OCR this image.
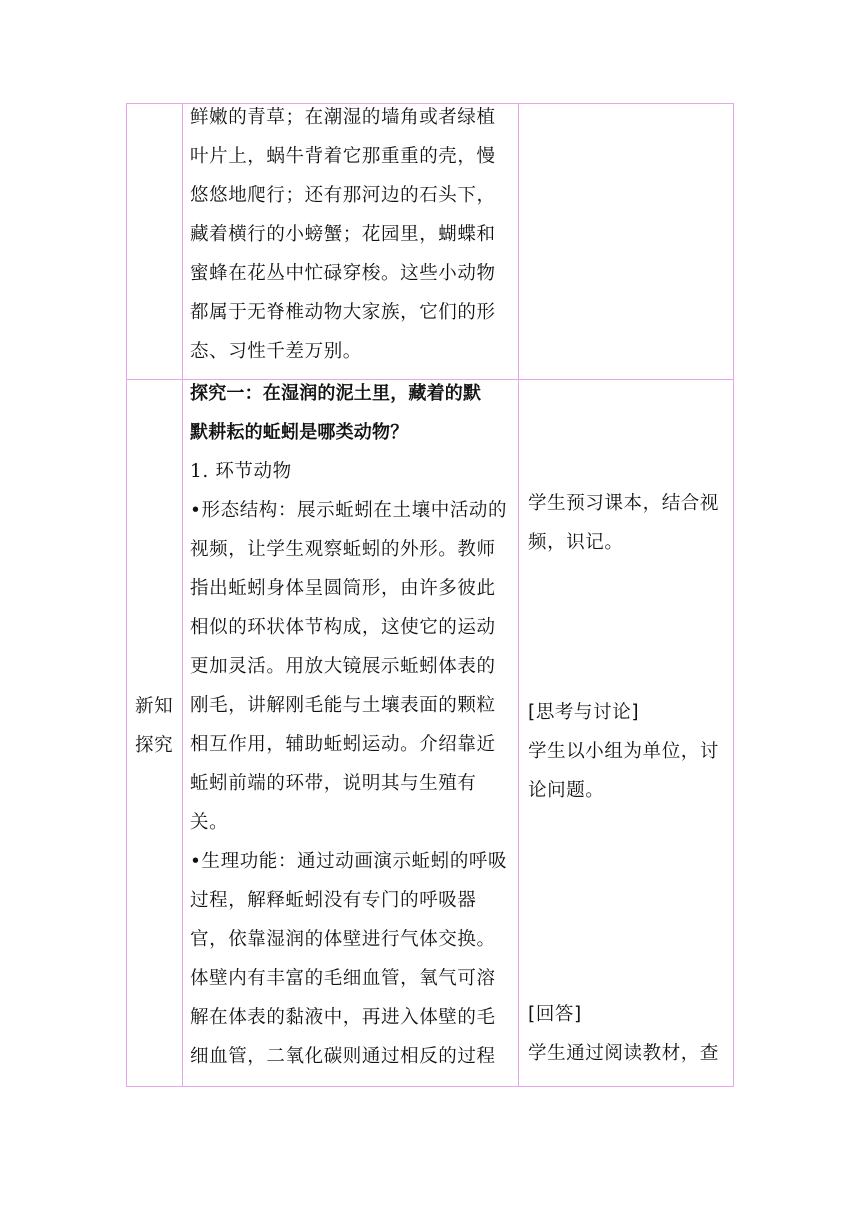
鲜嫩的青草；在潮湿的墙角或者绿植
叶片上，蜗牛背着它那重重的壳，慢
悠悠地爬行；还有那河边的石头下，
藏着横行的小螃蟹；花园里，蝴蝶和
蜜蜂在花丛中忙碌穿梭。这些小动物
都属于无脊椎动物大家族，它们的形
态、习性千差万别。
新知
探究
探究一：在湿润的泥土里，藏着的默
默耕耘的蚯蚓是哪类动物？
1. 环节动物
•形态结构：展示蚯蚓在土壤中活动的
视频，让学生观察蚯蚓的外形。教师
指出蚯蚓身体呈圆筒形，由许多彼此
相似的环状体节构成，这使它的运动
更加灵活。用放大镜展示蚯蚓体表的
刚毛，讲解刚毛能与土壤表面的颗粒
相互作用，辅助蚯蚓运动。介绍靠近
蚯蚓前端的环带，说明其与生殖有
关。
•生理功能：通过动画演示蚯蚓的呼吸
过程，解释蚯蚓没有专门的呼吸器
官，依靠湿润的体壁进行气体交换。
体壁内有丰富的毛细血管，氧气可溶
解在体表的黏液中，再进入体壁的毛
细血管，二氧化碳则通过相反的过程
学生预习课本，结合视
频，识记。
[思考与讨论]
学生以小组为单位，讨
论问题。
[回答]
学生通过阅读教材，查
